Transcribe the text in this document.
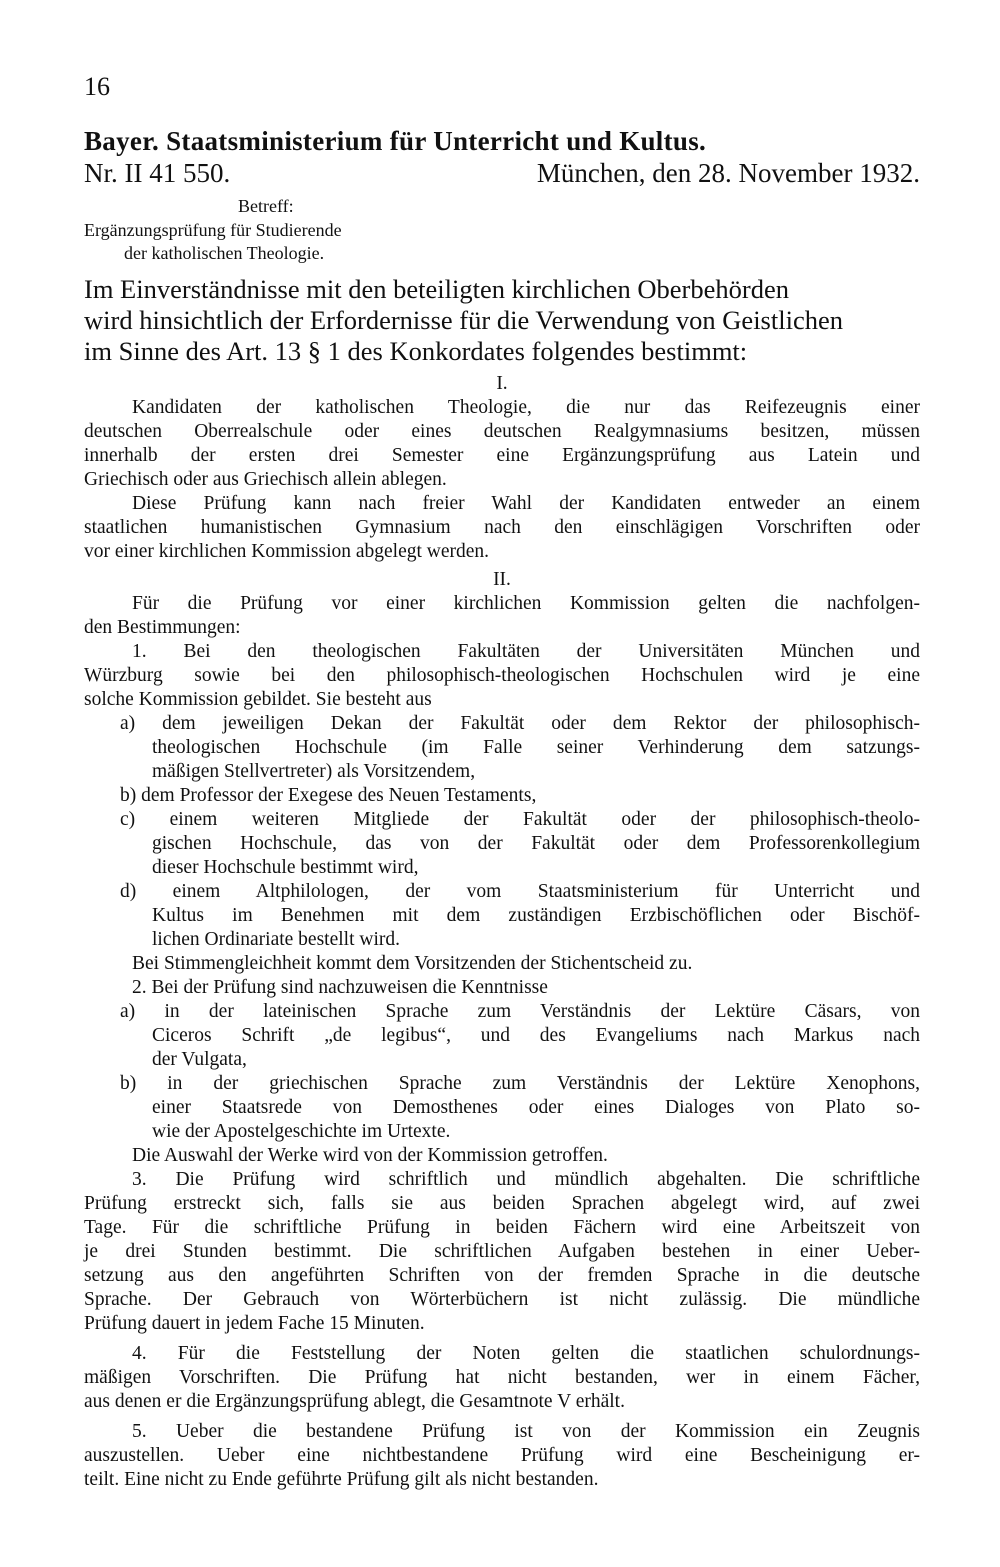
16
Bayer. Staatsministerium für Unterricht und Kultus.
Nr. II 41 550.	München, den 28. November 1932.
Betreff:
Ergänzungsprüfung für Studierende
der katholischen Theologie.
Im Einverständnisse mit den beteiligten kirchlichen Oberbehörden
wird hinsichtlich der Erfordernisse für die Verwendung von Geistlichen
im Sinne des Art. 13 § 1 des Konkordates folgendes bestimmt:
I.
Kandidaten der katholischen Theologie, die nur das Reifezeugnis einer
deutschen Oberrealschule oder eines deutschen Realgymnasiums besitzen, müssen
innerhalb der ersten drei Semester eine Ergänzungsprüfung aus Latein und
Griechisch oder aus Griechisch allein ablegen.
Diese Prüfung kann nach freier Wahl der Kandidaten entweder an einem
staatlichen humanistischen Gymnasium nach den einschlägigen Vorschriften oder
vor einer kirchlichen Kommission abgelegt werden.
II.
Für die Prüfung vor einer kirchlichen Kommission gelten die nachfolgen-
den Bestimmungen:
1. Bei den theologischen Fakultäten der Universitäten München und
Würzburg sowie bei den philosophisch-theologischen Hochschulen wird je eine
solche Kommission gebildet. Sie besteht aus
a) dem jeweiligen Dekan der Fakultät oder dem Rektor der philosophisch-
theologischen Hochschule (im Falle seiner Verhinderung dem satzungs-
mäßigen Stellvertreter) als Vorsitzendem,
b) dem Professor der Exegese des Neuen Testaments,
c) einem weiteren Mitgliede der Fakultät oder der philosophisch-theolo-
gischen Hochschule, das von der Fakultät oder dem Professorenkollegium
dieser Hochschule bestimmt wird,
d) einem Altphilologen, der vom Staatsministerium für Unterricht und
Kultus im Benehmen mit dem zuständigen Erzbischöflichen oder Bischöf-
lichen Ordinariate bestellt wird.
Bei Stimmengleichheit kommt dem Vorsitzenden der Stichentscheid zu.
2. Bei der Prüfung sind nachzuweisen die Kenntnisse
a) in der lateinischen Sprache zum Verständnis der Lektüre Cäsars, von
Ciceros Schrift „de legibus“, und des Evangeliums nach Markus nach
der Vulgata,
b) in der griechischen Sprache zum Verständnis der Lektüre Xenophons,
einer Staatsrede von Demosthenes oder eines Dialoges von Plato so-
wie der Apostelgeschichte im Urtexte.
Die Auswahl der Werke wird von der Kommission getroffen.
3. Die Prüfung wird schriftlich und mündlich abgehalten. Die schriftliche
Prüfung erstreckt sich, falls sie aus beiden Sprachen abgelegt wird, auf zwei
Tage. Für die schriftliche Prüfung in beiden Fächern wird eine Arbeitszeit von
je drei Stunden bestimmt. Die schriftlichen Aufgaben bestehen in einer Ueber-
setzung aus den angeführten Schriften von der fremden Sprache in die deutsche
Sprache. Der Gebrauch von Wörterbüchern ist nicht zulässig. Die mündliche
Prüfung dauert in jedem Fache 15 Minuten.
4. Für die Feststellung der Noten gelten die staatlichen schulordnungs-
mäßigen Vorschriften. Die Prüfung hat nicht bestanden, wer in einem Fächer,
aus denen er die Ergänzungsprüfung ablegt, die Gesamtnote V erhält.
5. Ueber die bestandene Prüfung ist von der Kommission ein Zeugnis
auszustellen. Ueber eine nichtbestandene Prüfung wird eine Bescheinigung er-
teilt. Eine nicht zu Ende geführte Prüfung gilt als nicht bestanden.
